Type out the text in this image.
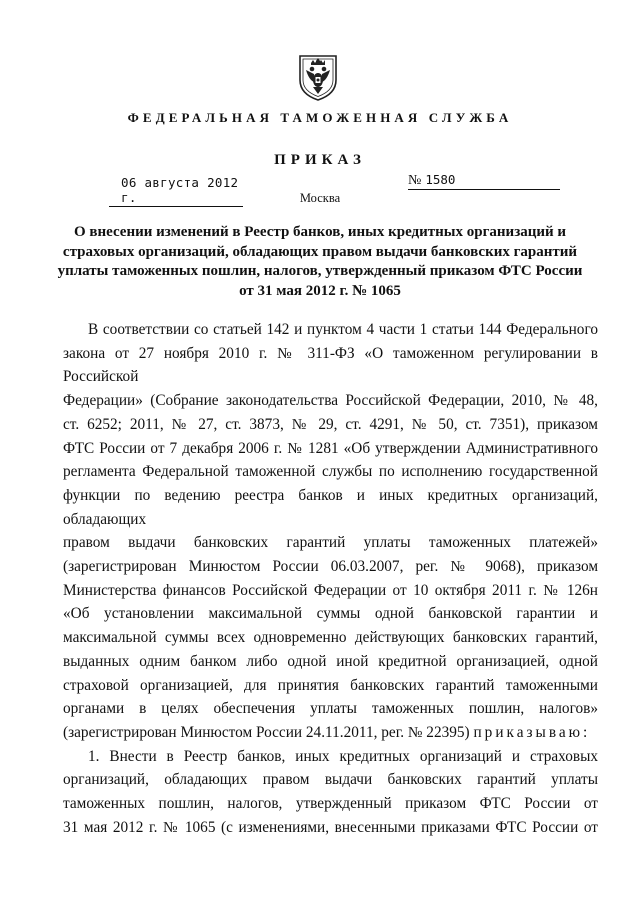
ФЕДЕРАЛЬНАЯ ТАМОЖЕННАЯ СЛУЖБА
ПРИКАЗ
06 августа 2012 г.
№ 1580
Москва
О внесении изменений в Реестр банков, иных кредитных организаций и
страховых организаций, обладающих правом выдачи банковских гарантий
уплаты таможенных пошлин, налогов, утвержденный приказом ФТС России
от 31 мая 2012 г. № 1065

В соответствии со статьей 142 и пунктом 4 части 1 статьи 144 Федерального

закона от 27 ноября 2010 г. № 311-ФЗ «О таможенном регулировании в Российской

Федерации» (Собрание законодательства Российской Федерации, 2010, № 48,

ст. 6252; 2011, № 27, ст. 3873, № 29, ст. 4291, № 50, ст. 7351), приказом

ФТС России от 7 декабря 2006 г. № 1281 «Об утверждении Административного

регламента Федеральной таможенной службы по исполнению государственной

функции по ведению реестра банков и иных кредитных организаций, обладающих

правом выдачи банковских гарантий уплаты таможенных платежей»

(зарегистрирован Минюстом России 06.03.2007, рег. № 9068), приказом

Министерства финансов Российской Федерации от 10 октября 2011 г. № 126н

«Об установлении максимальной суммы одной банковской гарантии и

максимальной суммы всех одновременно действующих банковских гарантий,

выданных одним банком либо одной иной кредитной организацией, одной

страховой организацией, для принятия банковских гарантий таможенными

органами в целях обеспечения уплаты таможенных пошлин, налогов»

(зарегистрирован Минюстом России 24.11.2011, рег. № 22395) приказываю:

1. Внести в Реестр банков, иных кредитных организаций и страховых

организаций, обладающих правом выдачи банковских гарантий уплаты

таможенных пошлин, налогов, утвержденный приказом ФТС России от

31 мая 2012 г. № 1065 (с изменениями, внесенными приказами ФТС России от
